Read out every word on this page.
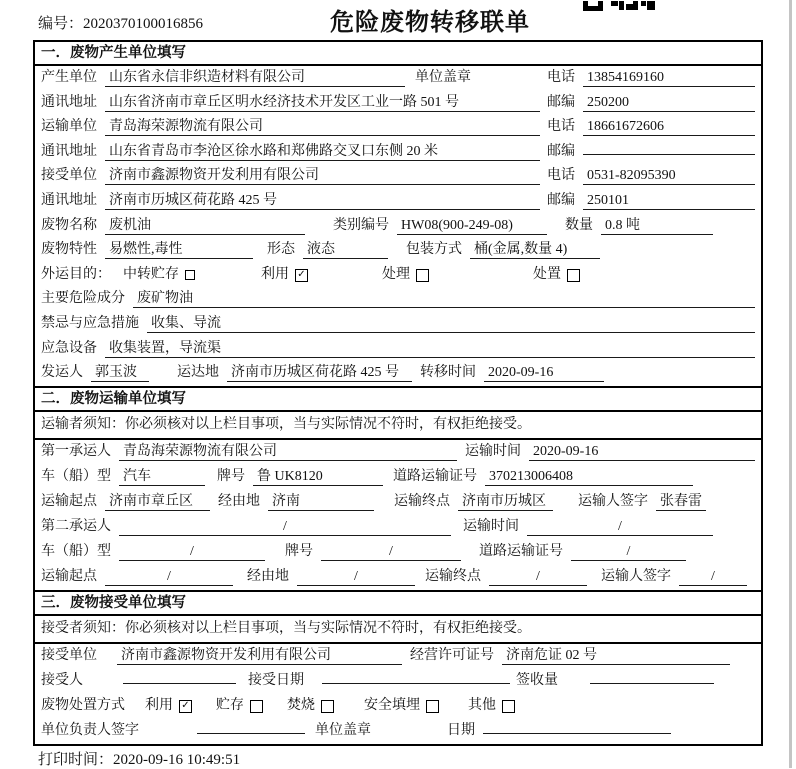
编号：2020370100016856	危险废物转移联单
一．废物产生单位填写
产生单位 山东省永信非织造材料有限公司	单位盖章	电话 13854169160
通讯地址 山东省济南市章丘区明水经济技术开发区工业一路 501 号	邮编 250200
运输单位 青岛海荣源物流有限公司	电话 18661672606
通讯地址 山东省青岛市李沧区徐水路和郑佛路交叉口东侧 20 米	邮编
接受单位 济南市鑫源物资开发利用有限公司	电话 0531-82095390
通讯地址 济南市历城区荷花路 425 号	邮编 250101
废物名称 废机油	类别编号 HW08(900-249-08)	数量 0.8 吨
废物特性 易燃性,毒性	形态 液态	包装方式 桶(金属,数量 4)
外运目的： 中转贮存	利用 ✓	处理	处置
主要危险成分 废矿物油
禁忌与应急措施 收集、导流
应急设备 收集装置，导流渠
发运人 郭玉波	运达地 济南市历城区荷花路 425 号	转移时间 2020-09-16
二．废物运输单位填写
运输者须知：你必须核对以上栏目事项，当与实际情况不符时，有权拒绝接受。
第一承运人 青岛海荣源物流有限公司	运输时间 2020-09-16
车（船）型 汽车	牌号 鲁 UK8120	道路运输证号 370213006408
运输起点 济南市章丘区	经由地 济南	运输终点 济南市历城区	运输人签字 张春雷
第二承运人	/	运输时间	/
车（船）型	/	牌号	/	道路运输证号	/
运输起点	/	经由地	/	运输终点	/	运输人签字	/
三．废物接受单位填写
接受者须知：你必须核对以上栏目事项，当与实际情况不符时，有权拒绝接受。
接受单位 济南市鑫源物资开发利用有限公司	经营许可证号 济南危证 02 号
接受人	接受日期	签收量
废物处置方式 利用 ✓ 贮存	焚烧	安全填埋	其他
单位负责人签字	单位盖章	日期
打印时间：2020-09-16 10:49:51
